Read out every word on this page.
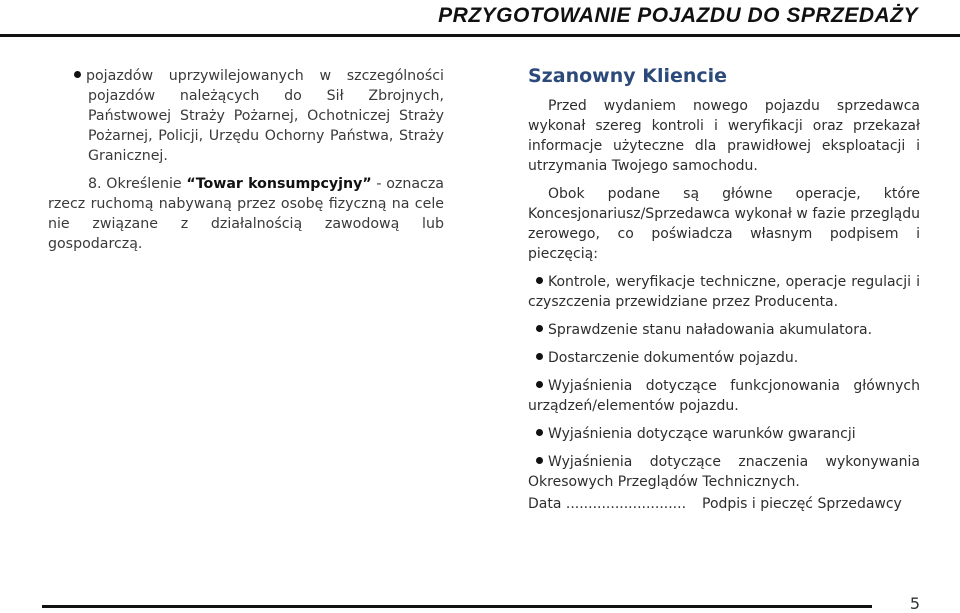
PRZYGOTOWANIE POJAZDU DO SPRZEDAŻY

pojazdów uprzywilejowanych w szczególności pojazdów należących do Sił Zbrojnych, Państwowej Straży Pożarnej, Ochotniczej Straży Pożarnej, Policji, Urzędu Ochorny Państwa, Straży Granicznej.

8. Określenie “Towar konsumpcyjny” - oznacza rzecz ruchomą nabywaną przez osobę fizyczną na cele nie związane z działalnością zawodową lub gospodarczą.

Szanowny Kliencie

Przed wydaniem nowego pojazdu sprzedawca wykonał szereg kontroli i weryfikacji oraz przekazał informacje użyteczne dla prawidłowej eksploatacji i utrzymania Twojego samochodu.

Obok podane są główne operacje, które Koncesjonariusz/Sprzedawca wykonał w fazie przeglądu zerowego, co poświadcza własnym podpisem i pieczęcią:

Kontrole, weryfikacje techniczne, operacje regulacji i czyszczenia przewidziane przez Producenta.

Sprawdzenie stanu naładowania akumulatora.

Dostarczenie dokumentów pojazdu.

Wyjaśnienia dotyczące funkcjonowania głównych urządzeń/elementów pojazdu.

Wyjaśnienia dotyczące warunków gwarancji

Wyjaśnienia dotyczące znaczenia wykonywania Okresowych Przeglądów Technicznych.

Data ........................... Podpis i pieczęć Sprzedawcy
5
